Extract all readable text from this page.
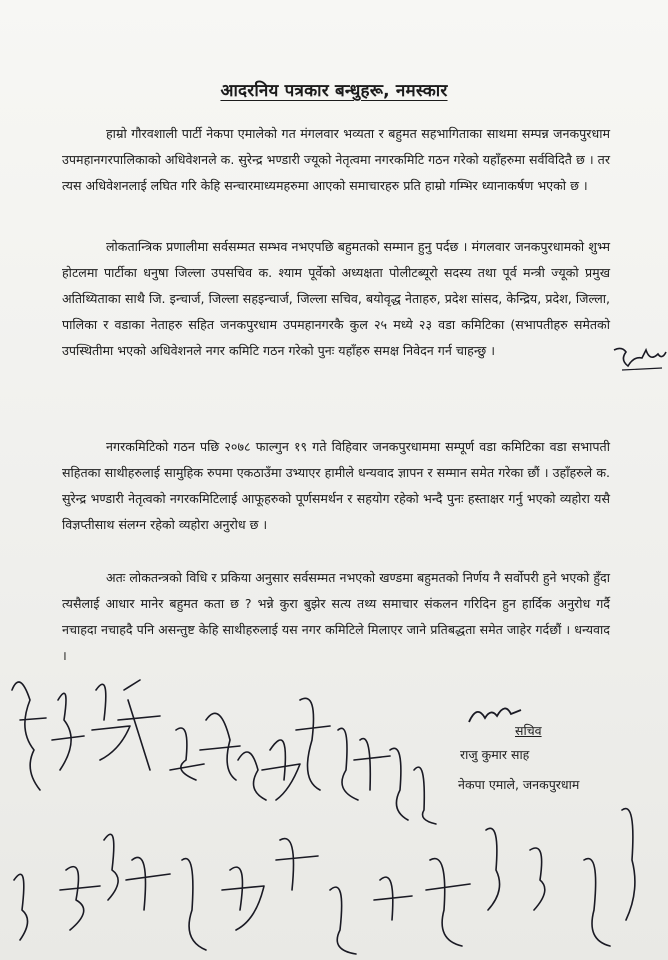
आदरनिय पत्रकार बन्धुहरू, नमस्कार

हाम्रो गौरवशाली पार्टी नेकपा एमालेको गत मंगलवार भव्यता र बहुमत सहभागिताका साथमा सम्पन्न जनकपुरधाम उपमहानगरपालिकाको अधिवेशनले क. सुरेन्द्र भण्डारी ज्यूको नेतृत्वमा नगरकमिटि गठन गरेको यहाँहरुमा सर्वविदितै छ । तर त्यस अधिवेशनलाई लघित गरि केहि सन्चारमाध्यमहरुमा आएको समाचारहरु प्रति हाम्रो गम्भिर ध्यानाकर्षण भएको छ ।

लोकतान्त्रिक प्रणालीमा सर्वसम्मत सम्भव नभएपछि बहुमतको सम्मान हुनु पर्दछ । मंगलवार जनकपुरधामको शुभ्म होटलमा पार्टीका धनुषा जिल्ला उपसचिव क. श्याम पूर्वेको अध्यक्षता पोलीटब्यूरो सदस्य तथा पूर्व मन्त्री ज्यूको प्रमुख अतिथ्यिताका साथै जि. इन्चार्ज, जिल्ला सहइन्चार्ज, जिल्ला सचिव, बयोवृद्ध नेताहरु, प्रदेश सांसद, केन्द्रिय, प्रदेश, जिल्ला, पालिका र वडाका नेताहरु सहित जनकपुरधाम उपमहानगरकै कुल २५ मध्ये २३ वडा कमिटिका (सभापतीहरु समेतको उपस्थितीमा भएको अधिवेशनले नगर कमिटि गठन गरेको पुनः यहाँहरु समक्ष निवेदन गर्न चाहन्छु ।

नगरकमिटिको गठन पछि २०७८ फाल्गुन १९ गते विहिवार जनकपुरधाममा सम्पूर्ण वडा कमिटिका वडा सभापती सहितका साथीहरुलाई सामुहिक रुपमा एकठाउँमा उभ्याएर हामीले धन्यवाद ज्ञापन र सम्मान समेत गरेका छौं । उहाँहरुले क. सुरेन्द्र भण्डारी नेतृत्वको नगरकमिटिलाई आफूहरुको पूर्णसमर्थन र सहयोग रहेको भन्दै पुनः हस्ताक्षर गर्नु भएको व्यहोरा यसै विज्ञप्तीसाथ संलग्न रहेको व्यहोरा अनुरोध छ ।

अतः लोकतन्त्रको विधि र प्रकिया अनुसार सर्वसम्मत नभएको खण्डमा बहुमतको निर्णय नै सर्वोपरी हुने भएको हुँदा त्यसैलाई आधार मानेर बहुमत कता छ ? भन्ने कुरा बुझेर सत्य तथ्य समाचार संकलन गरिदिन हुन हार्दिक अनुरोध गर्दै नचाहदा नचाहदै पनि असन्तुष्ट केहि साथीहरुलाई यस नगर कमिटिले मिलाएर जाने प्रतिबद्धता समेत जाहेर गर्दछौं । धन्यवाद ।

सचिव
राजु कुमार साह
नेकपा एमाले, जनकपुरधाम
